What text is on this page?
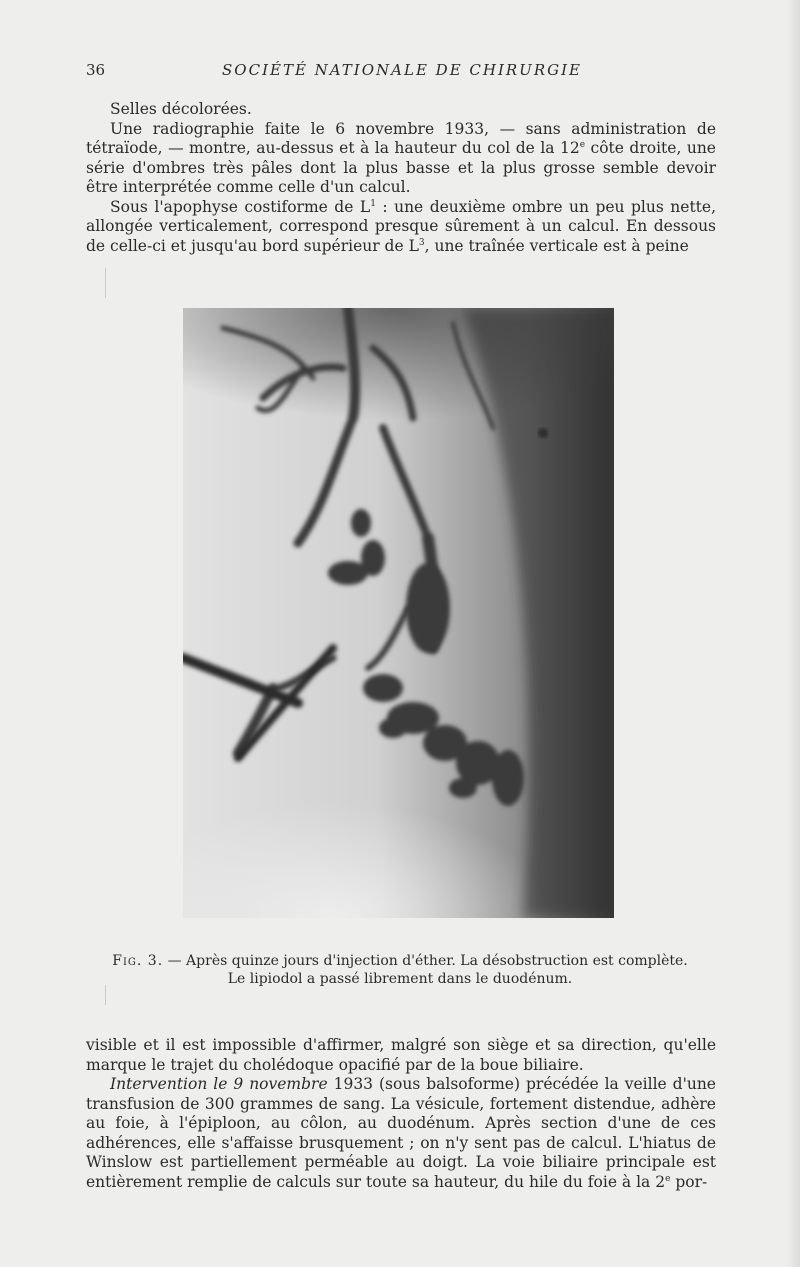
36	SOCIÉTÉ NATIONALE DE CHIRURGIE

Selles décolorées.

Une radiographie faite le 6 novembre 1933, — sans administration de tétraïode, — montre, au-dessus et à la hauteur du col de la 12e côte droite, une série d'ombres très pâles dont la plus basse et la plus grosse semble devoir être interprétée comme celle d'un calcul.

Sous l'apophyse costiforme de $L^1$ : une deuxième ombre un peu plus nette, allongée verticalement, correspond presque sûrement à un calcul. En dessous de celle-ci et jusqu'au bord supérieur de $L^3$, une traînée verticale est à peine

Fig. 3. — Après quinze jours d'injection d'éther. La désobstruction est complète.
Le lipiodol a passé librement dans le duodénum.

visible et il est impossible d'affirmer, malgré son siège et sa direction, qu'elle marque le trajet du cholédoque opacifié par de la boue biliaire.

Intervention le 9 novembre 1933 (sous balsoforme) précédée la veille d'une transfusion de 300 grammes de sang. La vésicule, fortement distendue, adhère au foie, à l'épiploon, au côlon, au duodénum. Après section d'une de ces adhérences, elle s'affaisse brusquement ; on n'y sent pas de calcul. L'hiatus de Winslow est partiellement perméable au doigt. La voie biliaire principale est entièrement remplie de calculs sur toute sa hauteur, du hile du foie à la 2e por-
